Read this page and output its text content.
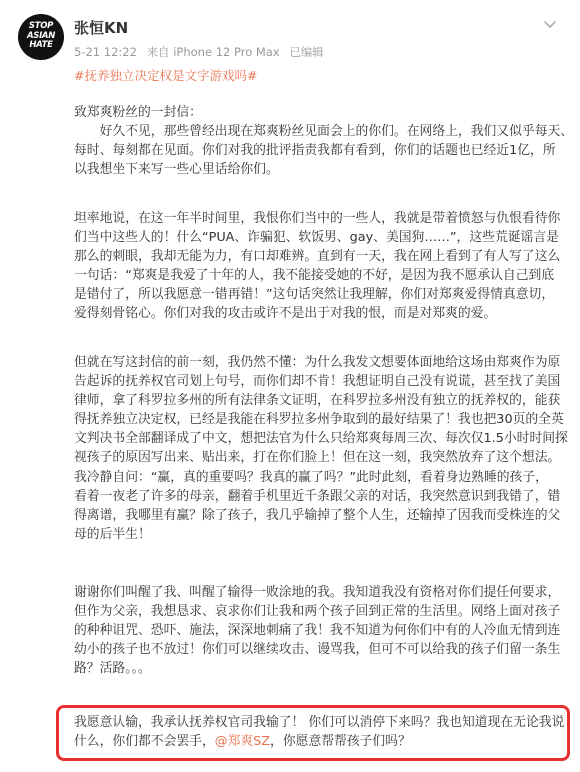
STOP
ASIAN
HATE
张恒KN
5-21 12:22 来自 iPhone 12 Pro Max 已编辑
#抚养独立决定权是文字游戏吗#
致郑爽粉丝的一封信：
　　好久不见，那些曾经出现在郑爽粉丝见面会上的你们。在网络上，我们又似乎每天、
每时、每刻都在见面。你们对我的批评指责我都有看到，你们的话题也已经近1亿，所
以我想坐下来写一些心里话给你们。
坦率地说，在这一年半时间里，我恨你们当中的一些人，我就是带着愤怒与仇恨看待你
们当中这些人的！什么“PUA、诈骗犯、软饭男、gay、美国狗……”，这些荒诞谣言是
那么的刺眼，我却无能为力，有口却难辨。直到有一天，我在网上看到了有人写了这么
一句话：“郑爽是我爱了十年的人，我不能接受她的不好，是因为我不愿承认自己到底
是错付了，所以我愿意一错再错！”这句话突然让我理解，你们对郑爽爱得情真意切，
爱得刻骨铭心。你们对我的攻击或许不是出于对我的恨，而是对郑爽的爱。
但就在写这封信的前一刻，我仍然不懂：为什么我发文想要体面地给这场由郑爽作为原
告起诉的抚养权官司划上句号，而你们却不肯！我想证明自己没有说谎，甚至找了美国
律师，拿了科罗拉多州的所有法律条文证明，在科罗拉多州没有独立的抚养权的，能获
得抚养独立决定权，已经是我能在科罗拉多州争取到的最好结果了！我也把30页的全英
文判决书全部翻译成了中文，想把法官为什么只给郑爽每周三次、每次仅1.5小时时间探
视孩子的原因写出来、贴出来，打在你们脸上！但在这一刻，我突然放弃了这个想法。
我冷静自问：“赢，真的重要吗？我真的赢了吗？”此时此刻，看着身边熟睡的孩子，
看着一夜老了许多的母亲，翻着手机里近千条跟父亲的对话，我突然意识到我错了，错
得离谱，我哪里有赢？除了孩子，我几乎输掉了整个人生，还输掉了因我而受株连的父
母的后半生！
谢谢你们叫醒了我、叫醒了输得一败涂地的我。我知道我没有资格对你们提任何要求，
但作为父亲，我想恳求、哀求你们让我和两个孩子回到正常的生活里。网络上面对孩子
的种种诅咒、恐吓、施法，深深地刺痛了我！我不知道为何你们中有的人冷血无情到连
幼小的孩子也不放过！你们可以继续攻击、谩骂我，但可不可以给我的孩子们留一条生
路？活路。。。
我愿意认输，我承认抚养权官司我输了！ 你们可以消停下来吗？我也知道现在无论我说
什么，你们都不会罢手，@郑爽SZ，你愿意帮帮孩子们吗？
